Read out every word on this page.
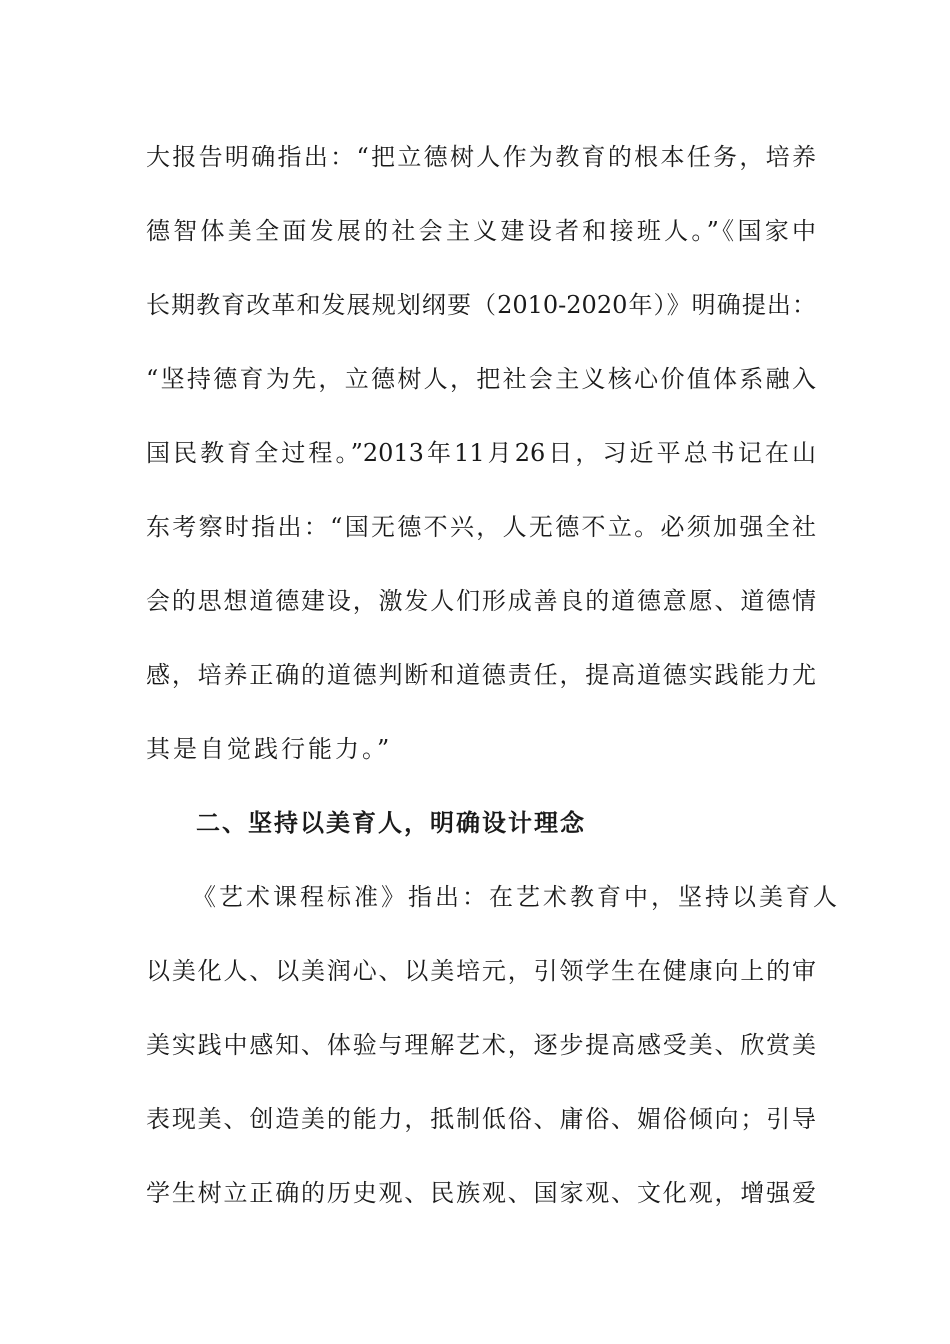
大报告明确指出：“把立德树人作为教育的根本任务，培养
德智体美全面发展的社会主义建设者和接班人。”《国家中
长期教育改革和发展规划纲要（2010-2020年）》明确提出：
“坚持德育为先，立德树人，把社会主义核心价值体系融入
国民教育全过程。”2013年11月26日，习近平总书记在山
东考察时指出：“国无德不兴，人无德不立。必须加强全社
会的思想道德建设，激发人们形成善良的道德意愿、道德情
感，培养正确的道德判断和道德责任，提高道德实践能力尤
其是自觉践行能力。”
二、坚持以美育人，明确设计理念
《艺术课程标准》指出：在艺术教育中，坚持以美育人
以美化人、以美润心、以美培元，引领学生在健康向上的审
美实践中感知、体验与理解艺术，逐步提高感受美、欣赏美
表现美、创造美的能力，抵制低俗、庸俗、媚俗倾向；引导
学生树立正确的历史观、民族观、国家观、文化观，增强爱
